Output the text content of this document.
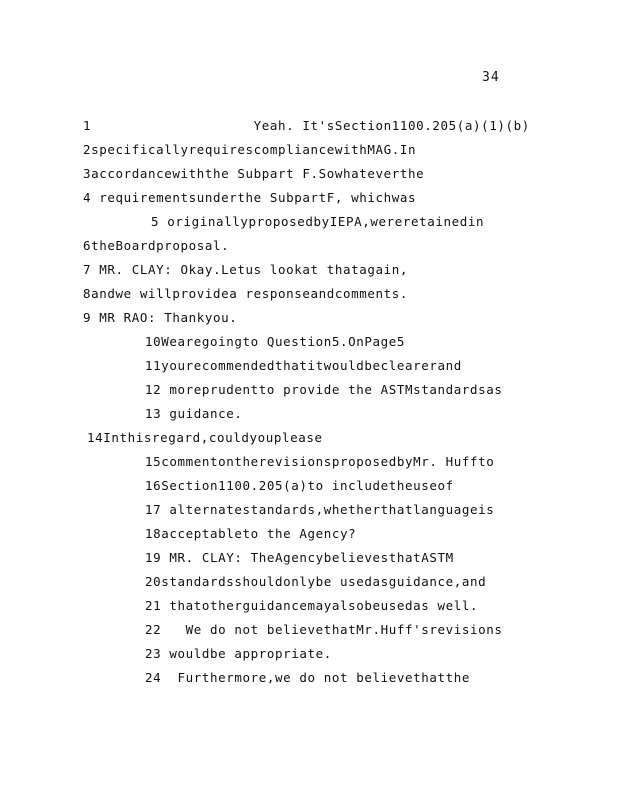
34
1                    Yeah. It'sSection1100.205(a)(1)(b)
2specificallyrequirescompliancewithMAG.In
3accordancewiththe Subpart F.Sowhateverthe
4 requirementsunderthe SubpartF, whichwas
5 originallyproposedbyIEPA,wereretainedin
6theBoardproposal.
7 MR. CLAY: Okay.Letus lookat thatagain,
8andwe willprovidea responseandcomments.
9 MR RAO: Thankyou.
10Wearegoingto Question5.OnPage5
11yourecommendedthatitwouldbeclearerand
12 moreprudentto provide the ASTMstandardsas
13 guidance.
14Inthisregard,couldyouplease
15commentontherevisionsproposedbyMr. Huffto
16Section1100.205(a)to includetheuseof
17 alternatestandards,whetherthatlanguageis
18acceptableto the Agency?
19 MR. CLAY: TheAgencybelievesthatASTM
20standardsshouldonlybe usedasguidance,and
21 thatotherguidancemayalsobeusedas well.
22   We do not believethatMr.Huff'srevisions
23 wouldbe appropriate.
24  Furthermore,we do not believethatthe
